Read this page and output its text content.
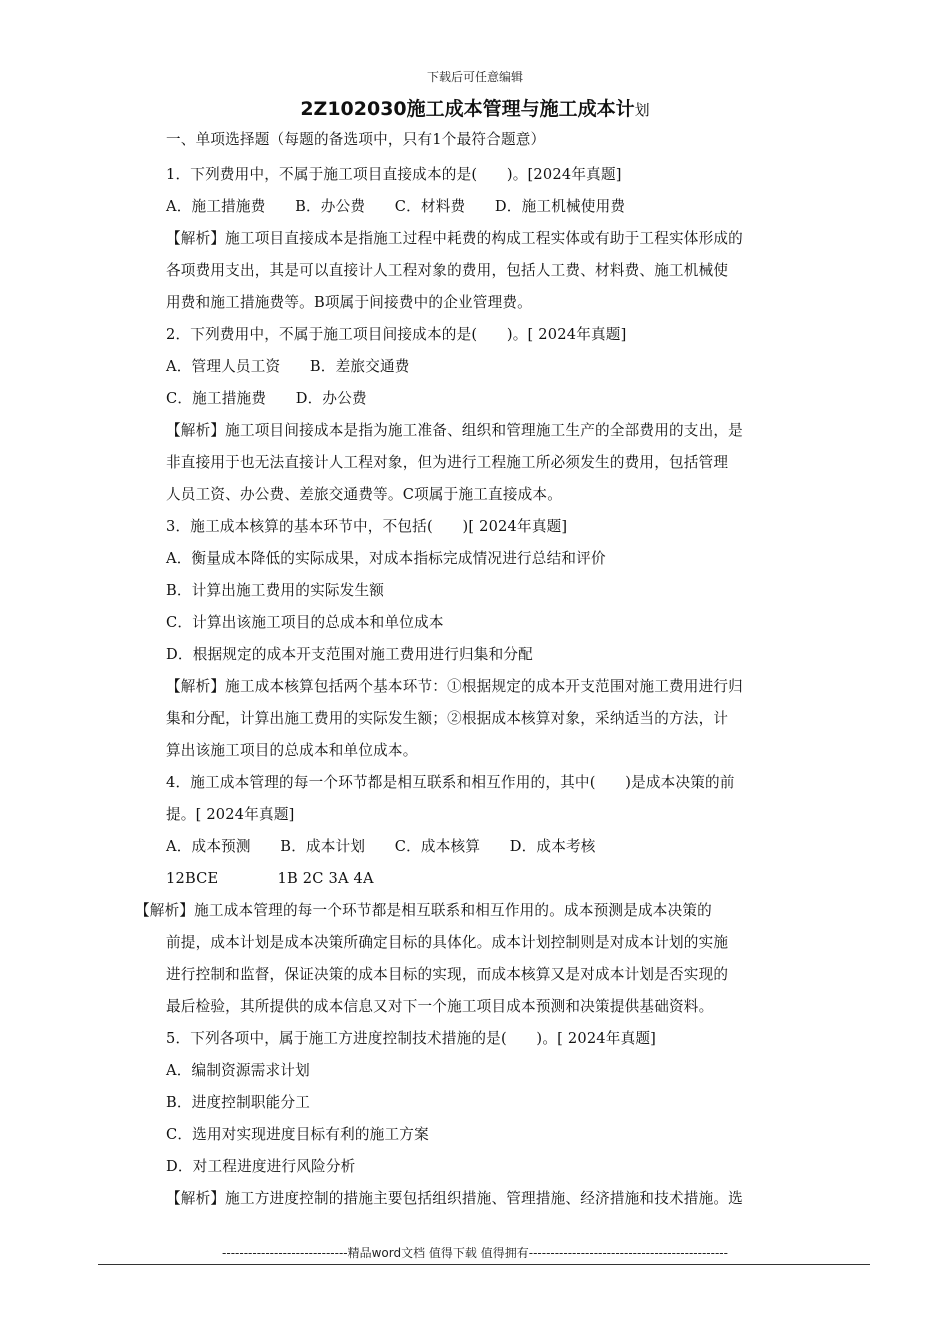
下载后可任意编辑
2Z102030施工成本管理与施工成本计划
一、单项选择题（每题的备选项中，只有1个最符合题意）
1．下列费用中，不属于施工项目直接成本的是(　　)。[2024年真题]
A．施工措施费　　B．办公费　　C．材料费　　D．施工机械使用费
【解析】施工项目直接成本是指施工过程中耗费的构成工程实体或有助于工程实体形成的
各项费用支出，其是可以直接计人工程对象的费用，包括人工费、材料费、施工机械使
用费和施工措施费等。B项属于间接费中的企业管理费。
2．下列费用中，不属于施工项目间接成本的是(　　)。[ 2024年真题]
A．管理人员工资　　B．差旅交通费
C．施工措施费　　D．办公费
【解析】施工项目间接成本是指为施工准备、组织和管理施工生产的全部费用的支出，是
非直接用于也无法直接计人工程对象，但为进行工程施工所必须发生的费用，包括管理
人员工资、办公费、差旅交通费等。C项属于施工直接成本。
3．施工成本核算的基本环节中，不包括(　　)[ 2024年真题]
A．衡量成本降低的实际成果，对成本指标完成情况进行总结和评价
B．计算出施工费用的实际发生额
C．计算出该施工项目的总成本和单位成本
D．根据规定的成本开支范围对施工费用进行归集和分配
【解析】施工成本核算包括两个基本环节：①根据规定的成本开支范围对施工费用进行归
集和分配，计算出施工费用的实际发生额；②根据成本核算对象，采纳适当的方法，计
算出该施工项目的总成本和单位成本。
4．施工成本管理的每一个环节都是相互联系和相互作用的，其中(　　)是成本决策的前
提。[ 2024年真题]
A．成本预测　　B．成本计划　　C．成本核算　　D．成本考核
12BCE　　　　1B 2C 3A 4A
【解析】施工成本管理的每一个环节都是相互联系和相互作用的。成本预测是成本决策的
前提，成本计划是成本决策所确定目标的具体化。成本计划控制则是对成本计划的实施
进行控制和监督，保证决策的成本目标的实现，而成本核算又是对成本计划是否实现的
最后检验，其所提供的成本信息又对下一个施工项目成本预测和决策提供基础资料。
5．下列各项中，属于施工方进度控制技术措施的是(　　)。[ 2024年真题]
A．编制资源需求计划
B．进度控制职能分工
C．选用对实现进度目标有利的施工方案
D．对工程进度进行风险分析
【解析】施工方进度控制的措施主要包括组织措施、管理措施、经济措施和技术措施。选
-----------------------------精品word文档 值得下载 值得拥有----------------------------------------------
